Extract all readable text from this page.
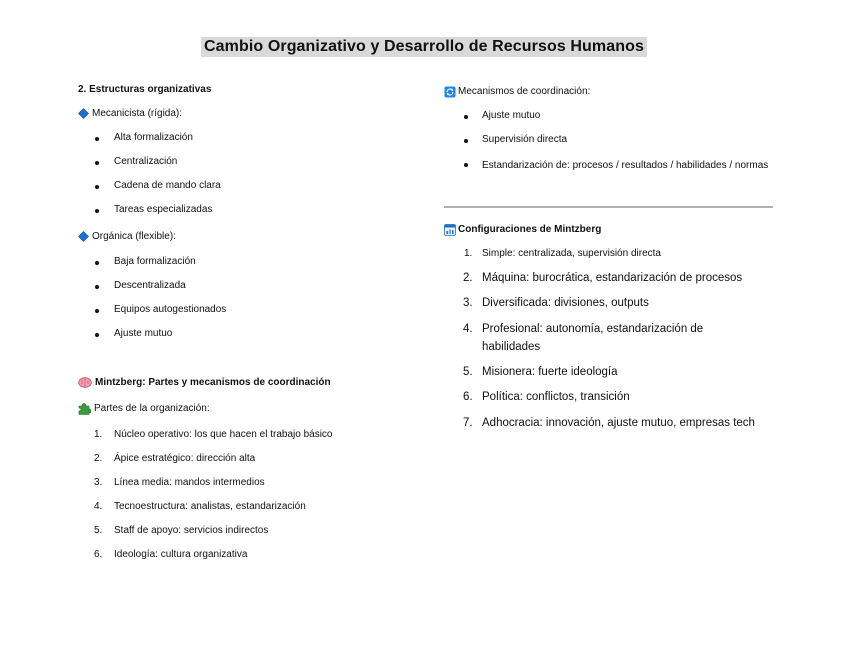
Cambio Organizativo y Desarrollo de Recursos Humanos
2. Estructuras organizativas
Mecanicista (rígida):
Alta formalización
Centralización
Cadena de mando clara
Tareas especializadas
Orgánica (flexible):
Baja formalización
Descentralizada
Equipos autogestionados
Ajuste mutuo
Mintzberg: Partes y mecanismos de coordinación
Partes de la organización:
1. Núcleo operativo: los que hacen el trabajo básico
2. Ápice estratégico: dirección alta
3. Línea media: mandos intermedios
4. Tecnoestructura: analistas, estandarización
5. Staff de apoyo: servicios indirectos
6. Ideología: cultura organizativa
Mecanismos de coordinación:
Ajuste mutuo
Supervisión directa
Estandarización de: procesos / resultados / habilidades / normas
Configuraciones de Mintzberg
1. Simple: centralizada, supervisión directa
2. Máquina: burocrática, estandarización de procesos
3. Diversificada: divisiones, outputs
4. Profesional: autonomía, estandarización de habilidades
5. Misionera: fuerte ideología
6. Política: conflictos, transición
7. Adhocracia: innovación, ajuste mutuo, empresas tech
